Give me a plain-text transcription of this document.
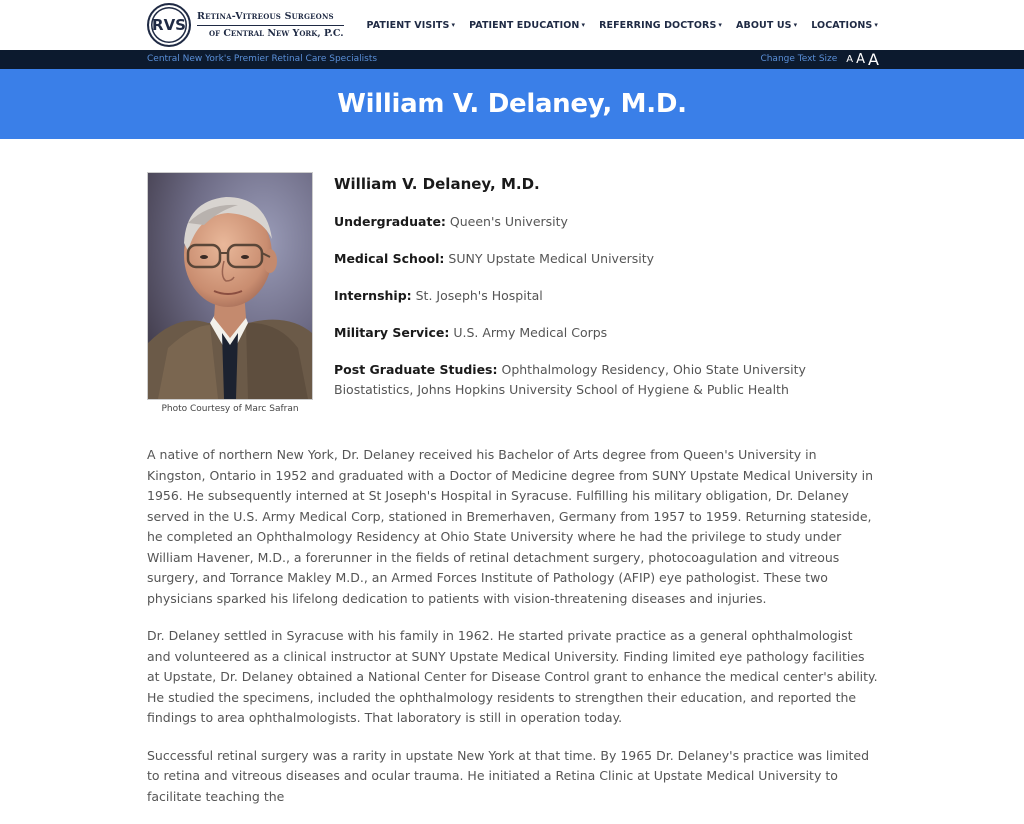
RVS	Retina-Vitreous Surgeons
of Central New York, P.C.
PATIENT VISITS ▾ PATIENT EDUCATION ▾ REFERRING DOCTORS ▾ ABOUT US ▾ LOCATIONS ▾
Central New York's Premier Retinal Care Specialists	Change Text Size A A A
William V. Delaney, M.D.
Photo Courtesy of Marc Safran
William V. Delaney, M.D.
Undergraduate: Queen's University
Medical School: SUNY Upstate Medical University
Internship: St. Joseph's Hospital
Military Service: U.S. Army Medical Corps
Post Graduate Studies: Ophthalmology Residency, Ohio State University Biostatistics, Johns Hopkins University School of Hygiene & Public Health

A native of northern New York, Dr. Delaney received his Bachelor of Arts degree from Queen's University in Kingston, Ontario in 1952 and graduated with a Doctor of Medicine degree from SUNY Upstate Medical University in 1956. He subsequently interned at St Joseph's Hospital in Syracuse. Fulfilling his military obligation, Dr. Delaney served in the U.S. Army Medical Corp, stationed in Bremerhaven, Germany from 1957 to 1959. Returning stateside, he completed an Ophthalmology Residency at Ohio State University where he had the privilege to study under William Havener, M.D., a forerunner in the fields of retinal detachment surgery, photocoagulation and vitreous surgery, and Torrance Makley M.D., an Armed Forces Institute of Pathology (AFIP) eye pathologist. These two physicians sparked his lifelong dedication to patients with vision-threatening diseases and injuries.

Dr. Delaney settled in Syracuse with his family in 1962. He started private practice as a general ophthalmologist and volunteered as a clinical instructor at SUNY Upstate Medical University. Finding limited eye pathology facilities at Upstate, Dr. Delaney obtained a National Center for Disease Control grant to enhance the medical center's ability. He studied the specimens, included the ophthalmology residents to strengthen their education, and reported the findings to area ophthalmologists. That laboratory is still in operation today.

Successful retinal surgery was a rarity in upstate New York at that time. By 1965 Dr. Delaney's practice was limited to retina and vitreous diseases and ocular trauma. He initiated a Retina Clinic at Upstate Medical University to facilitate teaching the
